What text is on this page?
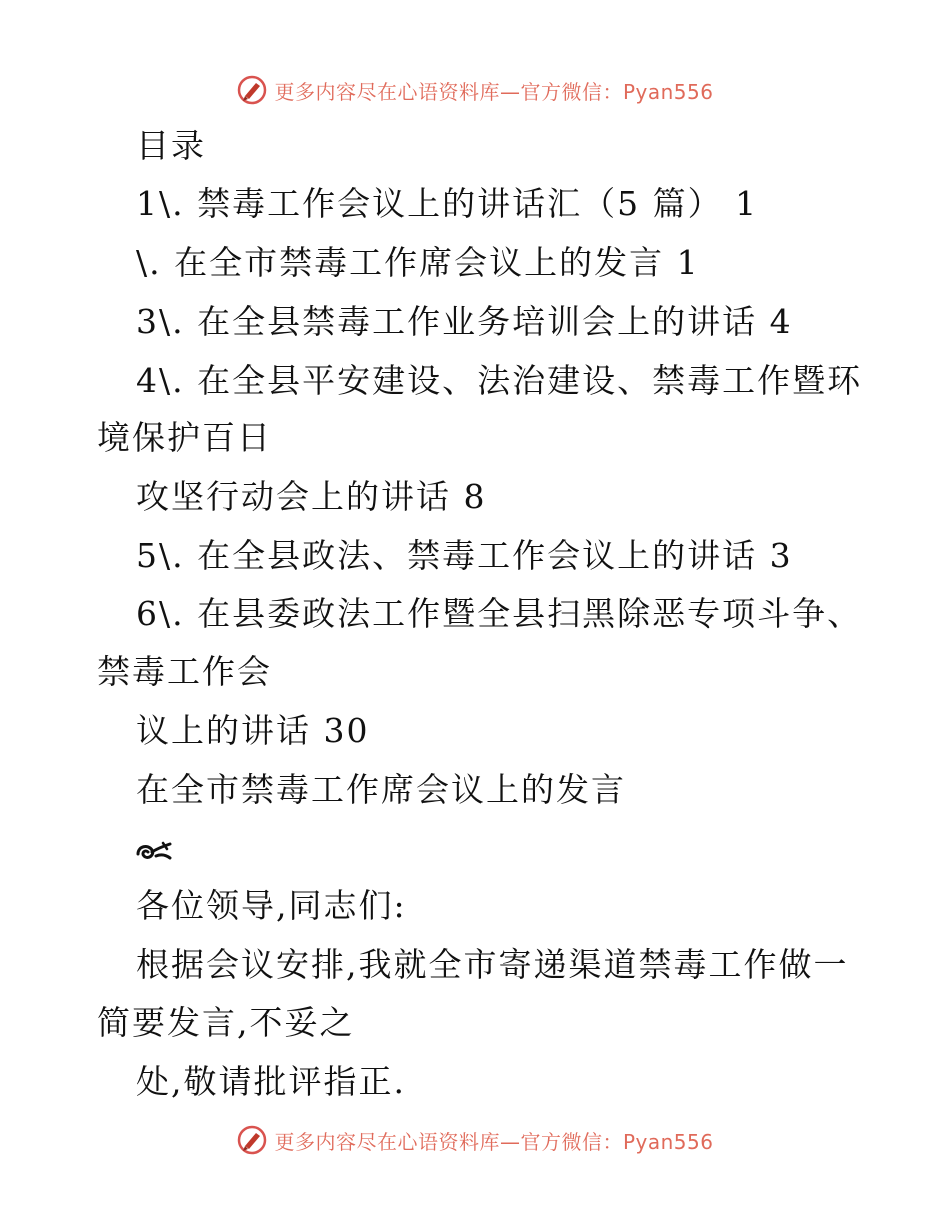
更多内容尽在心语资料库—官方微信：Pyan556
目录
1\. 禁毒工作会议上的讲话汇（5 篇） 1
\. 在全市禁毒工作席会议上的发言 1
3\. 在全县禁毒工作业务培训会上的讲话 4
4\. 在全县平安建设、法治建设、禁毒工作暨环
境保护百日
攻坚行动会上的讲话 8
5\. 在全县政法、禁毒工作会议上的讲话 3
6\. 在县委政法工作暨全县扫黑除恶专项斗争、
禁毒工作会
议上的讲话 30
在全市禁毒工作席会议上的发言
各位领导,同志们:
根据会议安排,我就全市寄递渠道禁毒工作做一
简要发言,不妥之
处,敬请批评指正.
更多内容尽在心语资料库—官方微信：Pyan556
